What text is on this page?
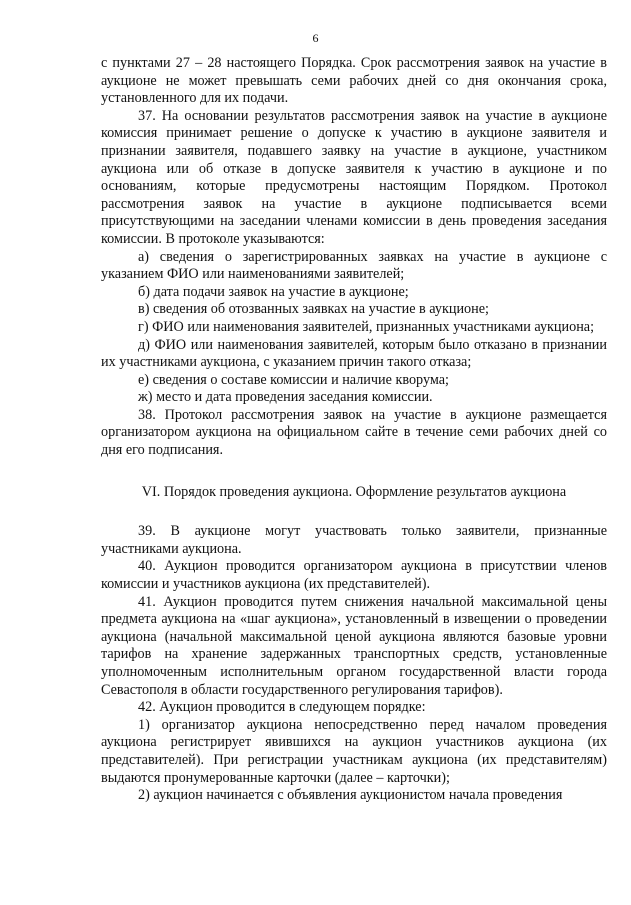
6

с пунктами 27 – 28 настоящего Порядка. Срок рассмотрения заявок на участие в аукционе не может превышать семи рабочих дней со дня окончания срока, установленного для их подачи.

37. На основании результатов рассмотрения заявок на участие в аукционе комиссия принимает решение о допуске к участию в аукционе заявителя и признании заявителя, подавшего заявку на участие в аукционе, участником аукциона или об отказе в допуске заявителя к участию в аукционе и по основаниям, которые предусмотрены настоящим Порядком. Протокол рассмотрения заявок на участие в аукционе подписывается всеми присутствующими на заседании членами комиссии в день проведения заседания комиссии. В протоколе указываются:

а) сведения о зарегистрированных заявках на участие в аукционе с указанием ФИО или наименованиями заявителей;

б) дата подачи заявок на участие в аукционе;

в) сведения об отозванных заявках на участие в аукционе;

г) ФИО или наименования заявителей, признанных участниками аукциона;

д) ФИО или наименования заявителей, которым было отказано в признании их участниками аукциона, с указанием причин такого отказа;

е) сведения о составе комиссии и наличие кворума;

ж) место и дата проведения заседания комиссии.

38. Протокол рассмотрения заявок на участие в аукционе размещается организатором аукциона на официальном сайте в течение семи рабочих дней со дня его подписания.

VI. Порядок проведения аукциона. Оформление результатов аукциона

39. В аукционе могут участвовать только заявители, признанные участниками аукциона.

40. Аукцион проводится организатором аукциона в присутствии членов комиссии и участников аукциона (их представителей).

41. Аукцион проводится путем снижения начальной максимальной цены предмета аукциона на «шаг аукциона», установленный в извещении о проведении аукциона (начальной максимальной ценой аукциона являются базовые уровни тарифов на хранение задержанных транспортных средств, установленные уполномоченным исполнительным органом государственной власти города Севастополя в области государственного регулирования тарифов).

42. Аукцион проводится в следующем порядке:

1) организатор аукциона непосредственно перед началом проведения аукциона регистрирует явившихся на аукцион участников аукциона (их представителей). При регистрации участникам аукциона (их представителям) выдаются пронумерованные карточки (далее – карточки);

2) аукцион начинается с объявления аукционистом начала проведения
